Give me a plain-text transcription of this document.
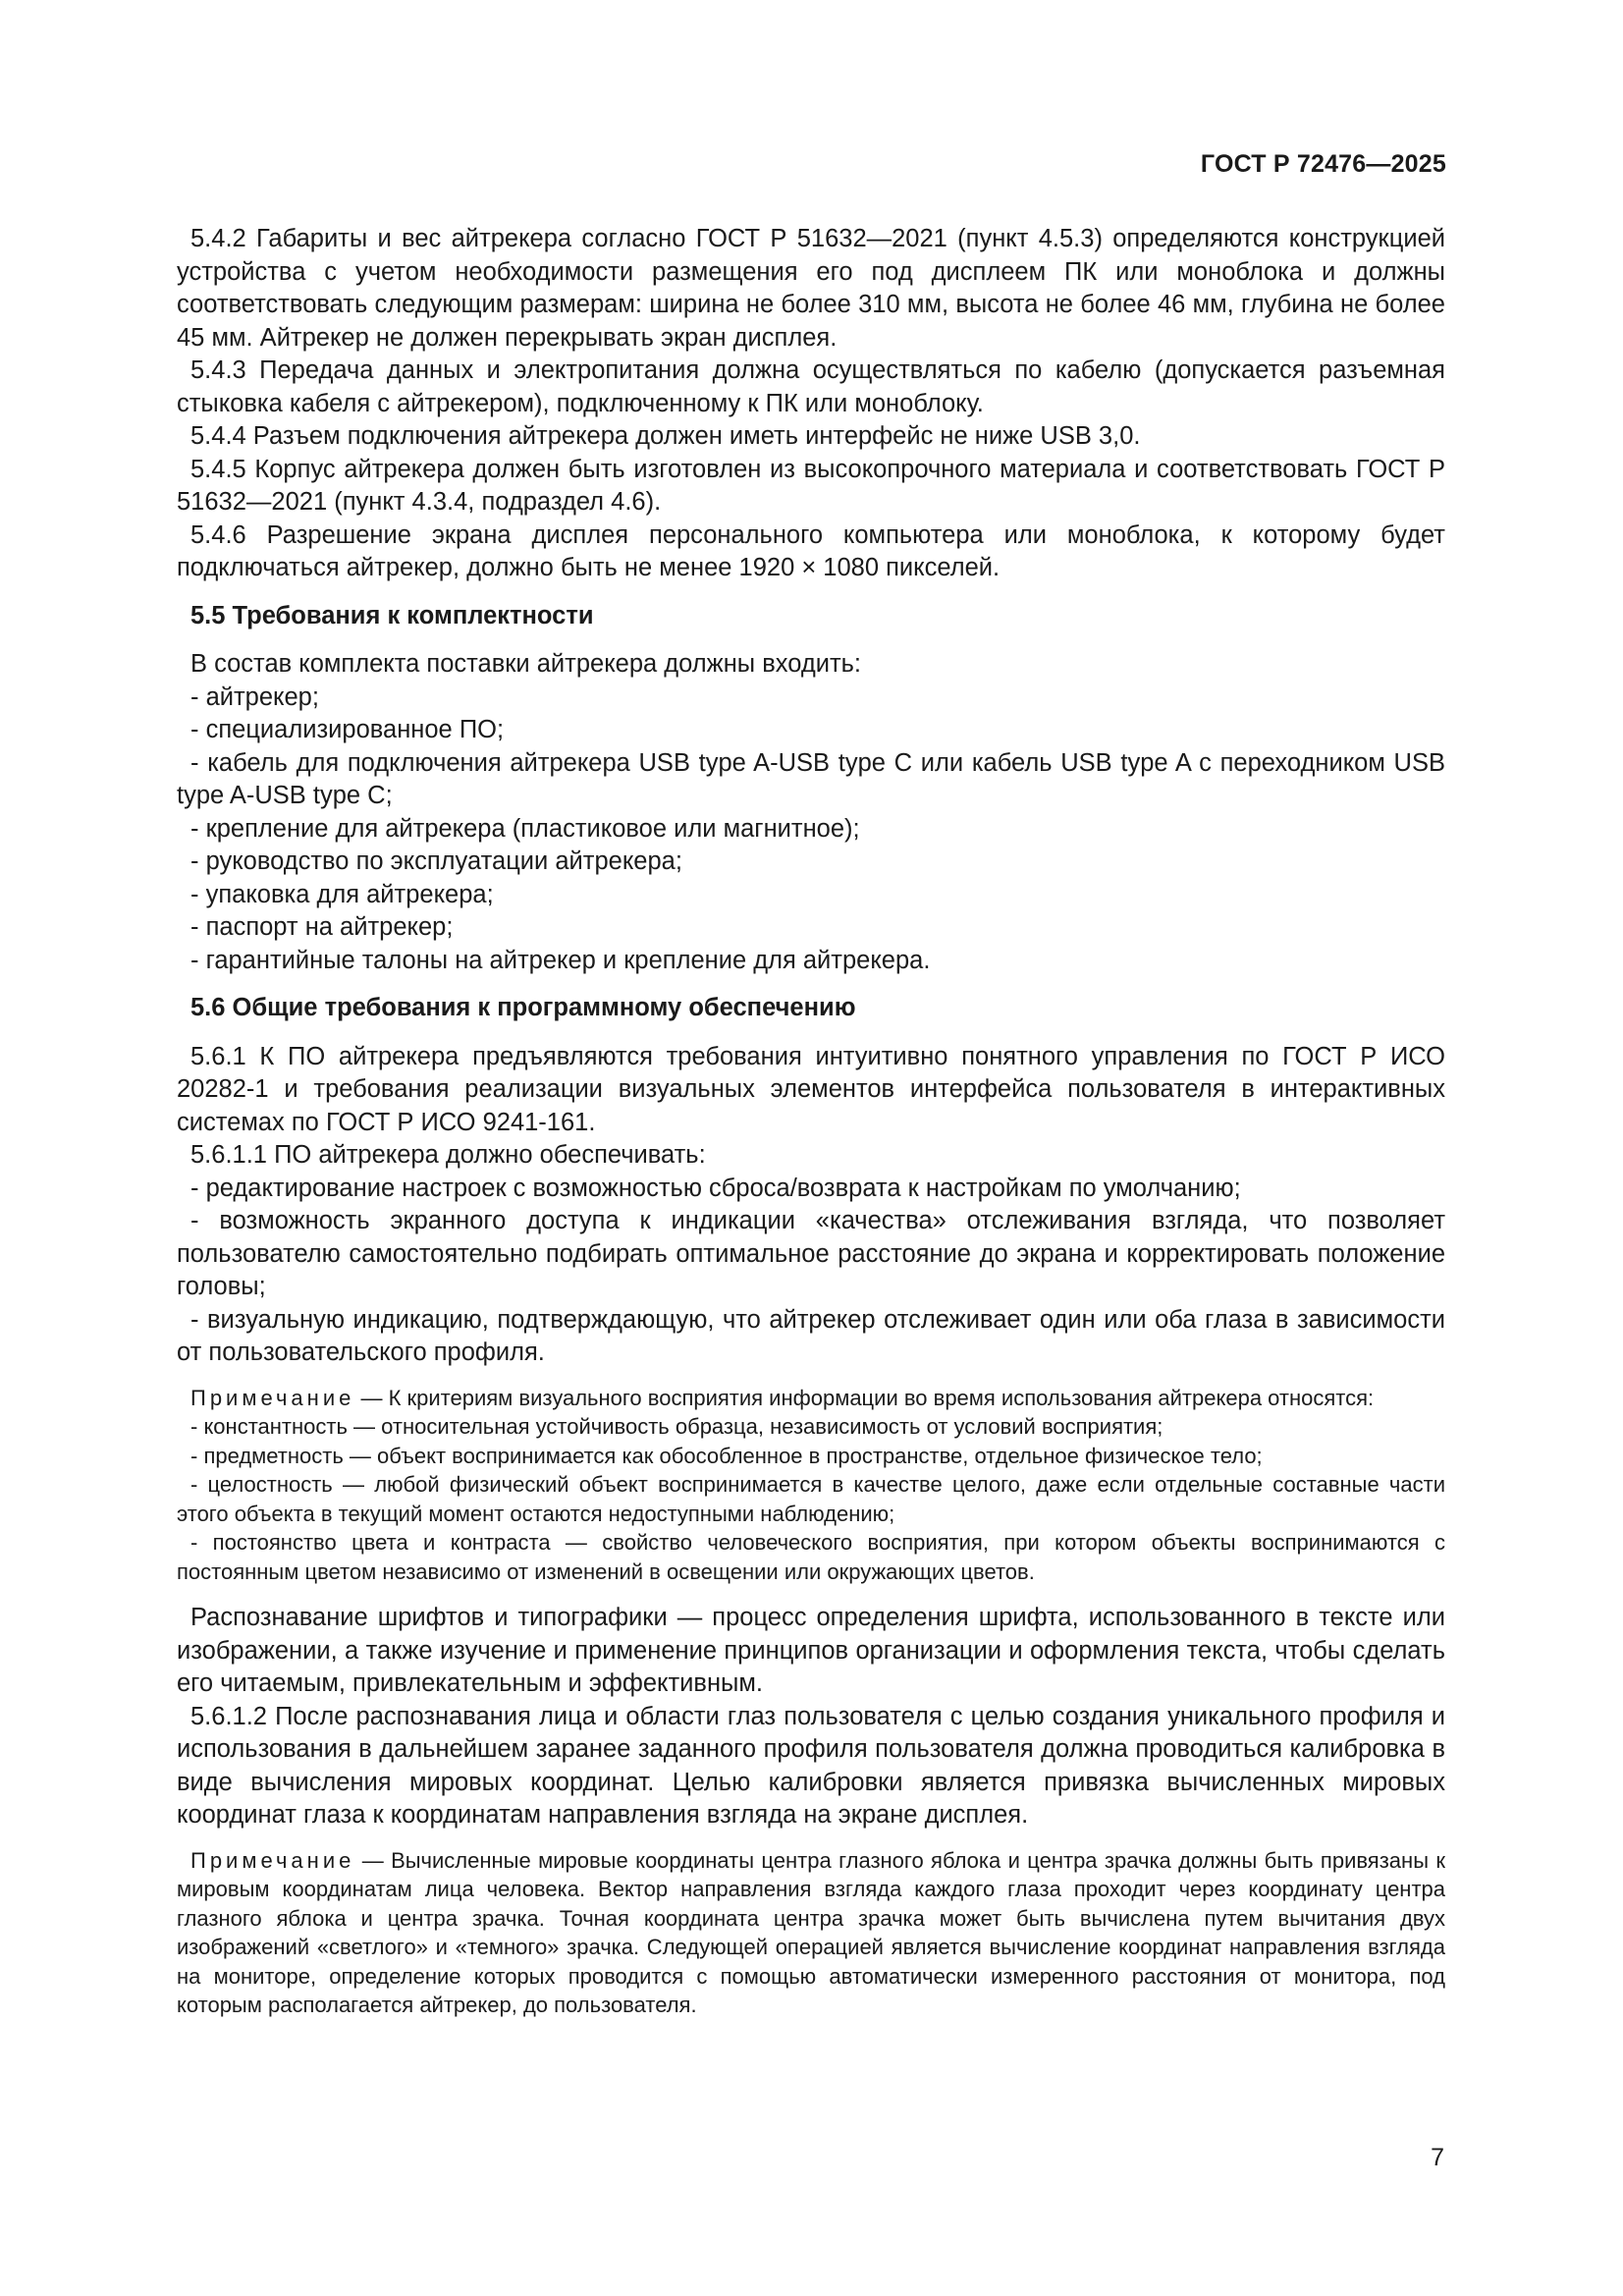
ГОСТ Р 72476—2025

5.4.2 Габариты и вес айтрекера согласно ГОСТ Р 51632—2021 (пункт 4.5.3) определяются конструкцией устройства с учетом необходимости размещения его под дисплеем ПК или моноблока и должны соответствовать следующим размерам: ширина не более 310 мм, высота не более 46 мм, глубина не более 45 мм. Айтрекер не должен перекрывать экран дисплея.

5.4.3 Передача данных и электропитания должна осуществляться по кабелю (допускается разъемная стыковка кабеля с айтрекером), подключенному к ПК или моноблоку.

5.4.4 Разъем подключения айтрекера должен иметь интерфейс не ниже USB 3,0.

5.4.5 Корпус айтрекера должен быть изготовлен из высокопрочного материала и соответствовать ГОСТ Р 51632—2021 (пункт 4.3.4, подраздел 4.6).

5.4.6 Разрешение экрана дисплея персонального компьютера или моноблока, к которому будет подключаться айтрекер, должно быть не менее 1920 × 1080 пикселей.

5.5 Требования к комплектности

В состав комплекта поставки айтрекера должны входить:

- айтрекер;

- специализированное ПО;

- кабель для подключения айтрекера USB type A-USB type C или кабель USB type A с переходником USB type A-USB type C;

- крепление для айтрекера (пластиковое или магнитное);

- руководство по эксплуатации айтрекера;

- упаковка для айтрекера;

- паспорт на айтрекер;

- гарантийные талоны на айтрекер и крепление для айтрекера.

5.6 Общие требования к программному обеспечению

5.6.1 К ПО айтрекера предъявляются требования интуитивно понятного управления по ГОСТ Р ИСО 20282-1 и требования реализации визуальных элементов интерфейса пользователя в интерактивных системах по ГОСТ Р ИСО 9241-161.

5.6.1.1 ПО айтрекера должно обеспечивать:

- редактирование настроек с возможностью сброса/возврата к настройкам по умолчанию;

- возможность экранного доступа к индикации «качества» отслеживания взгляда, что позволяет пользователю самостоятельно подбирать оптимальное расстояние до экрана и корректировать положение головы;

- визуальную индикацию, подтверждающую, что айтрекер отслеживает один или оба глаза в зависимости от пользовательского профиля.

Примечание — К критериям визуального восприятия информации во время использования айтрекера относятся:

- константность — относительная устойчивость образца, независимость от условий восприятия;

- предметность — объект воспринимается как обособленное в пространстве, отдельное физическое тело;

- целостность — любой физический объект воспринимается в качестве целого, даже если отдельные составные части этого объекта в текущий момент остаются недоступными наблюдению;

- постоянство цвета и контраста — свойство человеческого восприятия, при котором объекты воспринимаются с постоянным цветом независимо от изменений в освещении или окружающих цветов.

Распознавание шрифтов и типографики — процесс определения шрифта, использованного в тексте или изображении, а также изучение и применение принципов организации и оформления текста, чтобы сделать его читаемым, привлекательным и эффективным.

5.6.1.2 После распознавания лица и области глаз пользователя с целью создания уникального профиля и использования в дальнейшем заранее заданного профиля пользователя должна проводиться калибровка в виде вычисления мировых координат. Целью калибровки является привязка вычисленных мировых координат глаза к координатам направления взгляда на экране дисплея.

Примечание — Вычисленные мировые координаты центра глазного яблока и центра зрачка должны быть привязаны к мировым координатам лица человека. Вектор направления взгляда каждого глаза проходит через координату центра глазного яблока и центра зрачка. Точная координата центра зрачка может быть вычислена путем вычитания двух изображений «светлого» и «темного» зрачка. Следующей операцией является вычисление координат направления взгляда на мониторе, определение которых проводится с помощью автоматически измеренного расстояния от монитора, под которым располагается айтрекер, до пользователя.

7
